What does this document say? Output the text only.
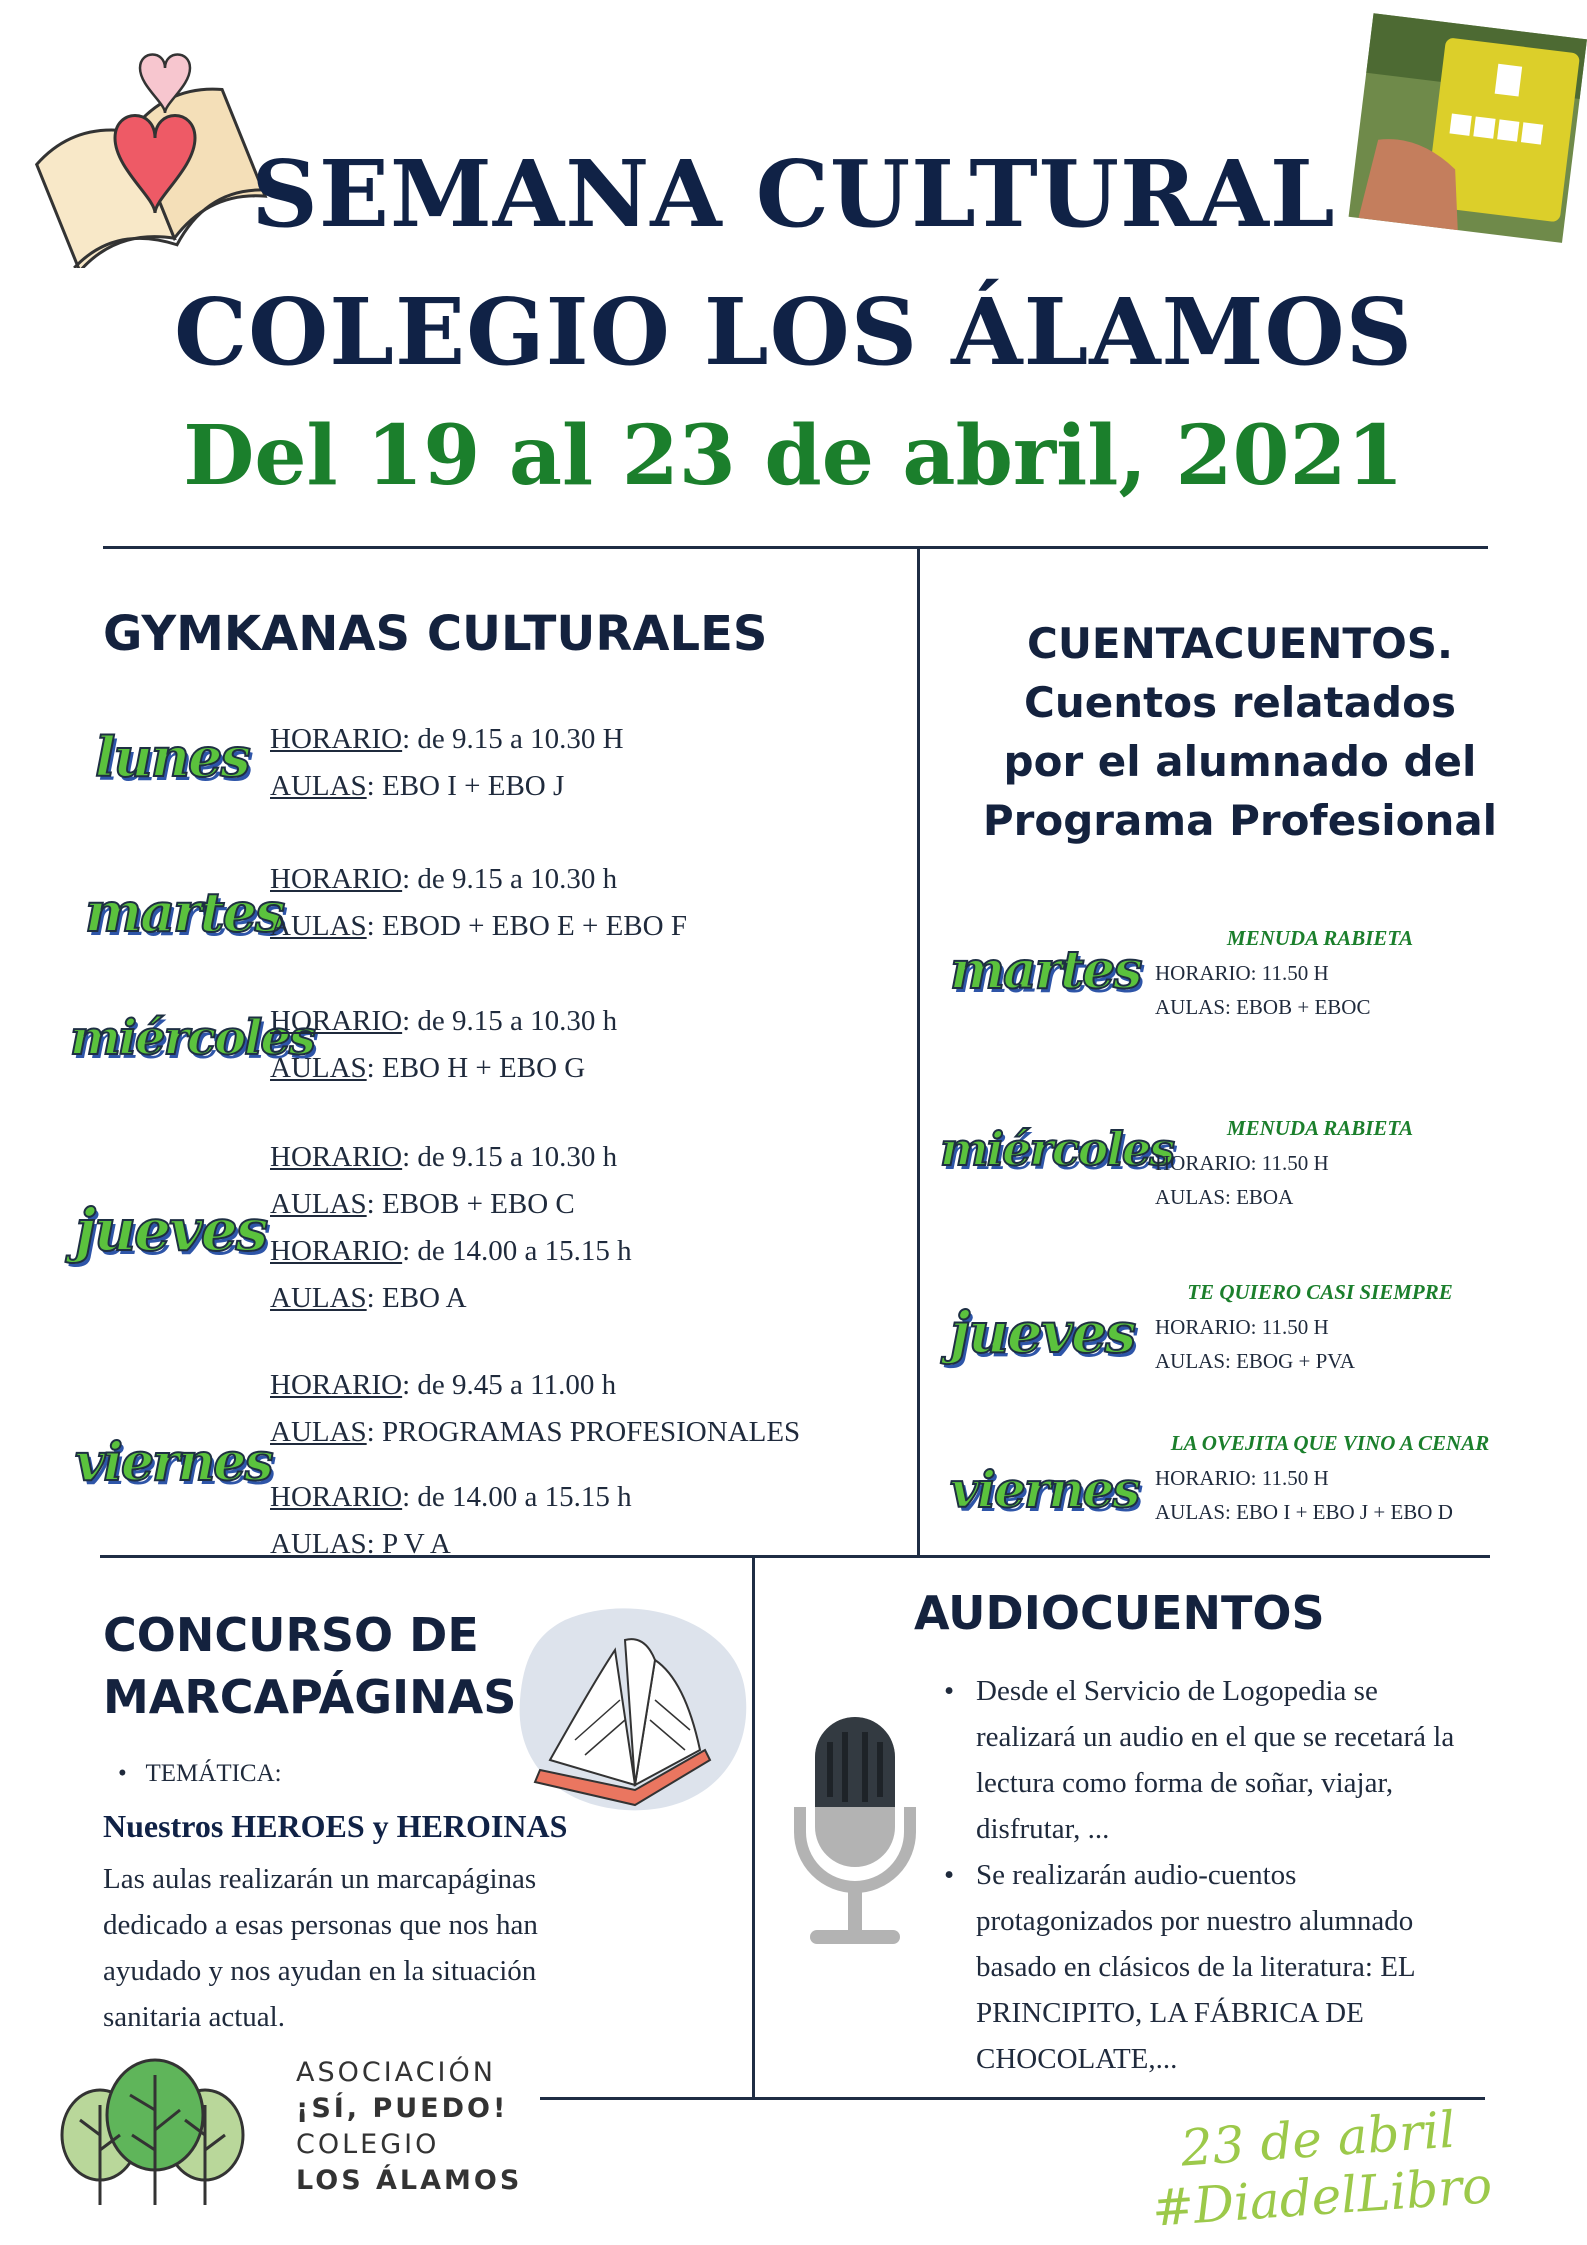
SEMANA CULTURAL
COLEGIO LOS ÁLAMOS
Del 19 al 23 de abril, 2021
GYMKANAS CULTURALES
lunes HORARIO: de 9.15 a 10.30 H
AULAS: EBO I + EBO J
martes
HORARIO: de 9.15 a 10.30 h
AULAS: EBOD + EBO E + EBO F
miércoles
HORARIO: de 9.15 a 10.30 h
AULAS: EBO H + EBO G
jueves
HORARIO: de 9.15 a 10.30 h
AULAS: EBOB + EBO C
HORARIO: de 14.00 a 15.15 h
AULAS: EBO A
viernes
HORARIO: de 9.45 a 11.00 h
AULAS: PROGRAMAS PROFESIONALES
HORARIO: de 14.00 a 15.15 h
AULAS: P V A
CUENTACUENTOS.
Cuentos relatados
por el alumnado del
Programa Profesional
martes
MENUDA RABIETA
HORARIO: 11.50 H
AULAS: EBOB + EBOC
miércoles	MENUDA RABIETA
HORARIO: 11.50 H
AULAS: EBOA
jueves
TE QUIERO CASI SIEMPRE
HORARIO: 11.50 H
AULAS: EBOG + PVA
viernes
LA OVEJITA QUE VINO A CENAR
HORARIO: 11.50 H
AULAS: EBO I + EBO J + EBO D
CONCURSO DE
MARCAPÁGINAS
•   TEMÁTICA:
Nuestros HEROES y HEROINAS
Las aulas realizarán un marcapáginas
dedicado a esas personas que nos han
ayudado y nos ayudan en la situación
sanitaria actual.
AUDIOCUENTOS
• Desde el Servicio de Logopedia se
realizará un audio en el que se recetará la
lectura como forma de soñar, viajar,
disfrutar, ...
• Se realizarán audio-cuentos
protagonizados por nuestro alumnado
basado en clásicos de la literatura: EL
PRINCIPITO, LA FÁBRICA DE
CHOCOLATE,...
ASOCIACIÓN
¡SÍ, PUEDO!
COLEGIO
LOS ÁLAMOS
23 de abril
#DiadelLibro
